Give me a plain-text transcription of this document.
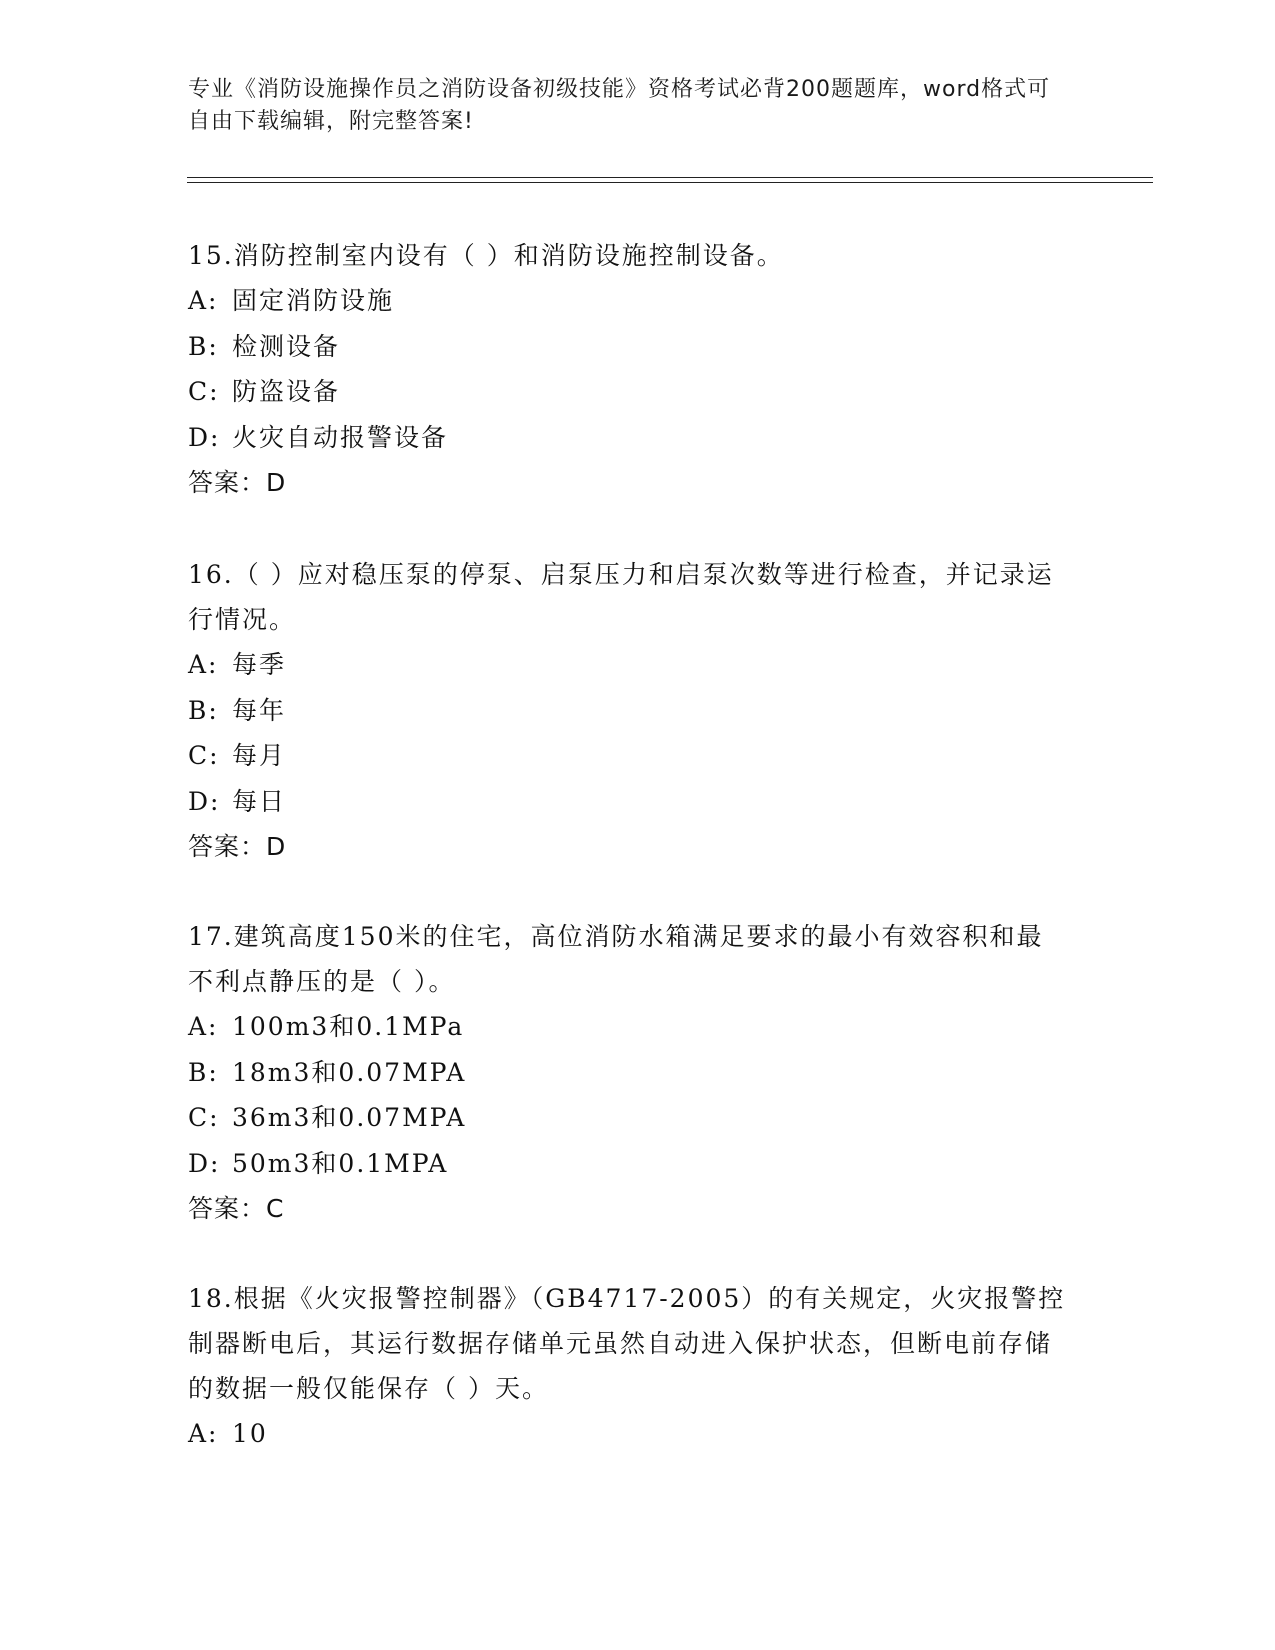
专业《消防设施操作员之消防设备初级技能》资格考试必背200题题库，word格式可自由下载编辑，附完整答案!
15.消防控制室内设有（ ）和消防设施控制设备。
A: 固定消防设施
B: 检测设备
C: 防盗设备
D: 火灾自动报警设备
答案：D
16.（ ）应对稳压泵的停泵、启泵压力和启泵次数等进行检查，并记录运行情况。
A: 每季
B: 每年
C: 每月
D: 每日
答案：D
17.建筑高度150米的住宅，高位消防水箱满足要求的最小有效容积和最不利点静压的是（ ）。
A: 100m3和0.1MPa
B: 18m3和0.07MPA
C: 36m3和0.07MPA
D: 50m3和0.1MPA
答案：C
18.根据《火灾报警控制器》（GB4717-2005）的有关规定，火灾报警控制器断电后，其运行数据存储单元虽然自动进入保护状态，但断电前存储的数据一般仅能保存（ ）天。
A: 10
